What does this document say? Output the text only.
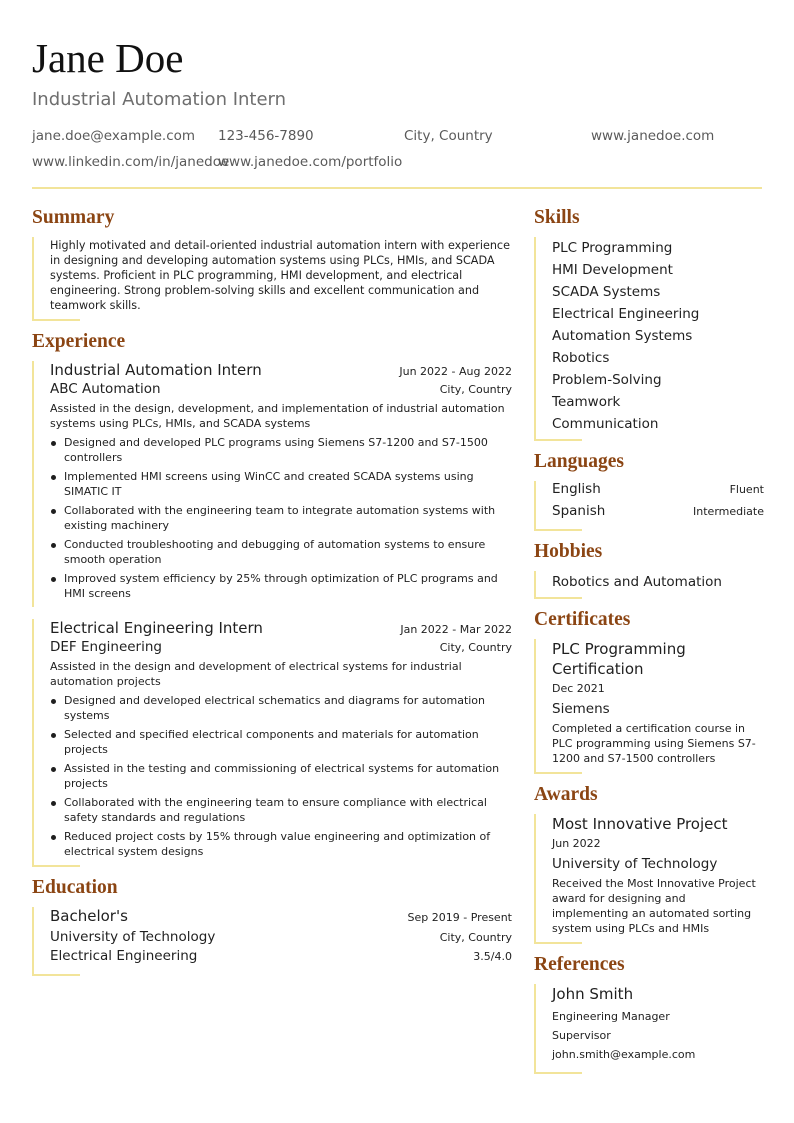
Jane Doe
Industrial Automation Intern
jane.doe@example.com 123-456-7890	City, Country	www.janedoe.com
www.linkedin.com/in/janedoe
www.janedoe.com/portfolio
Summary
Highly motivated and detail-oriented industrial automation intern with experience in designing and developing automation systems using PLCs, HMIs, and SCADA systems. Proficient in PLC programming, HMI development, and electrical engineering. Strong problem-solving skills and excellent communication and teamwork skills.
Experience
Industrial Automation Intern	Jun 2022 - Aug 2022
ABC Automation	City, Country
Assisted in the design, development, and implementation of industrial automation systems using PLCs, HMIs, and SCADA systems
Designed and developed PLC programs using Siemens S7-1200 and S7-1500 controllers
Implemented HMI screens using WinCC and created SCADA systems using SIMATIC IT
Collaborated with the engineering team to integrate automation systems with existing machinery
Conducted troubleshooting and debugging of automation systems to ensure smooth operation
Improved system efficiency by 25% through optimization of PLC programs and HMI screens
Electrical Engineering Intern	Jan 2022 - Mar 2022
DEF Engineering	City, Country
Assisted in the design and development of electrical systems for industrial automation projects
Designed and developed electrical schematics and diagrams for automation systems
Selected and specified electrical components and materials for automation projects
Assisted in the testing and commissioning of electrical systems for automation projects
Collaborated with the engineering team to ensure compliance with electrical safety standards and regulations
Reduced project costs by 15% through value engineering and optimization of electrical system designs
Education
Bachelor's	Sep 2019 - Present
University of Technology	City, Country
Electrical Engineering	3.5/4.0
Skills
PLC Programming
HMI Development
SCADA Systems
Electrical Engineering
Automation Systems
Robotics
Problem-Solving
Teamwork
Communication
Languages
English	Fluent
Spanish	Intermediate
Hobbies
Robotics and Automation
Certificates
PLC Programming Certification
Dec 2021
Siemens
Completed a certification course in PLC programming using Siemens S7-1200 and S7-1500 controllers
Awards
Most Innovative Project
Jun 2022
University of Technology
Received the Most Innovative Project award for designing and implementing an automated sorting system using PLCs and HMIs
References
John Smith
Engineering Manager
Supervisor
john.smith@example.com
